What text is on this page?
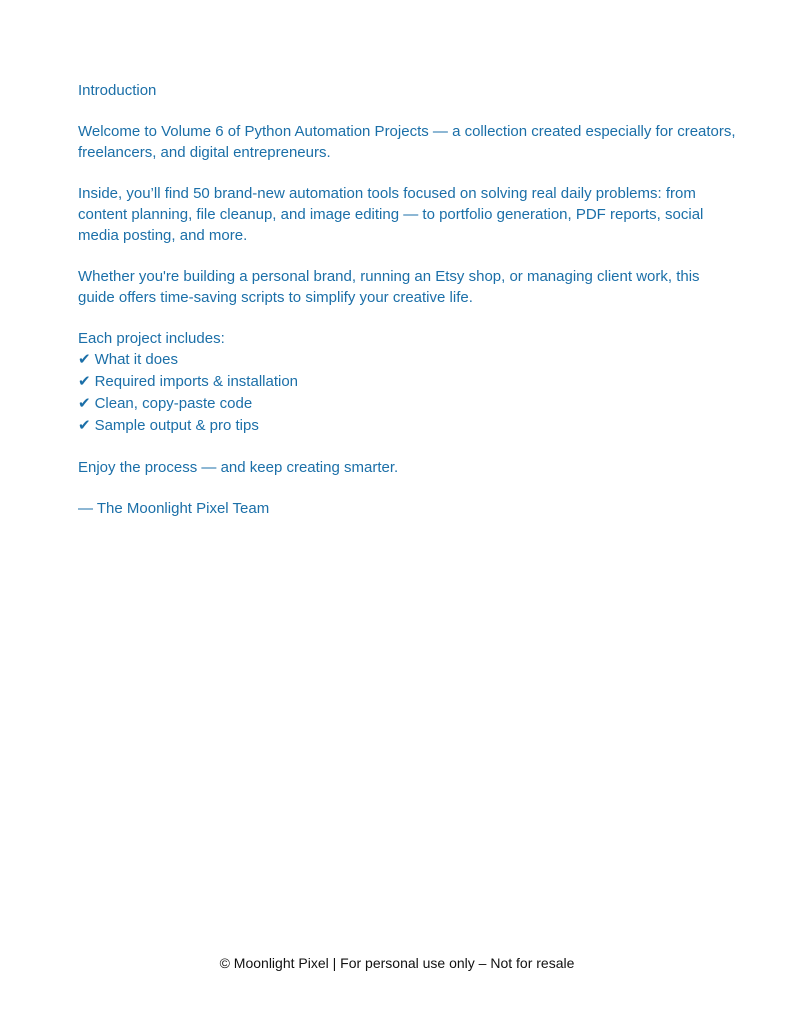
Introduction

Welcome to Volume 6 of Python Automation Projects — a collection created especially for creators, freelancers, and digital entrepreneurs.

Inside, you’ll find 50 brand-new automation tools focused on solving real daily problems: from content planning, file cleanup, and image editing — to portfolio generation, PDF reports, social media posting, and more.

Whether you're building a personal brand, running an Etsy shop, or managing client work, this guide offers time-saving scripts to simplify your creative life.

Each project includes:
✔ What it does
✔ Required imports & installation
✔ Clean, copy-paste code
✔ Sample output & pro tips

Enjoy the process — and keep creating smarter.

— The Moonlight Pixel Team

© Moonlight Pixel | For personal use only – Not for resale
